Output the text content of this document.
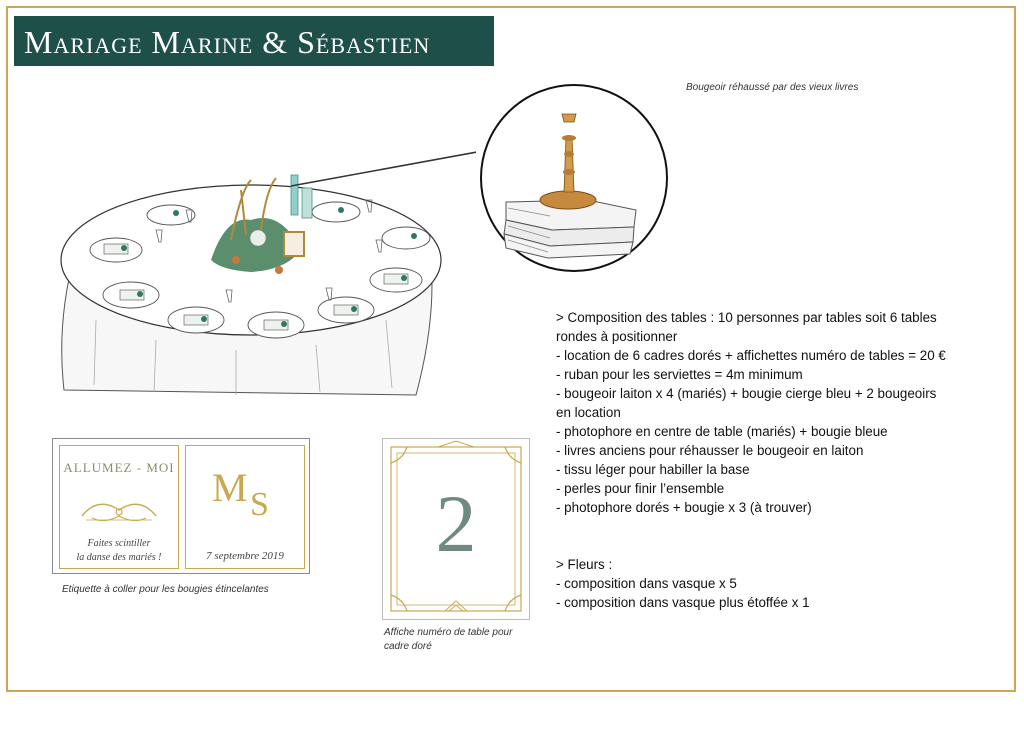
Mariage Marine & Sébastien
Bougeoir réhaussé par des vieux livres
ALLUMEZ - MOI
Faites scintiller
la danse des mariés !
M S
7 septembre 2019
Etiquette à coller pour les bougies étincelantes
2
Affiche numéro de table pour cadre doré
> Composition des tables : 10 personnes par tables soit 6 tables
rondes à positionner
- location de 6 cadres dorés + affichettes numéro de tables = 20 €
- ruban pour les serviettes = 4m minimum
- bougeoir laiton x 4 (mariés) + bougie cierge bleu + 2 bougeoirs
en location
- photophore en centre de table (mariés) + bougie bleue
- livres anciens pour réhausser le bougeoir en laiton
- tissu léger pour habiller la base
- perles pour finir l’ensemble
- photophore dorés + bougie x 3 (à trouver)
> Fleurs :
- composition dans vasque x 5
- composition dans vasque plus étoffée x 1
